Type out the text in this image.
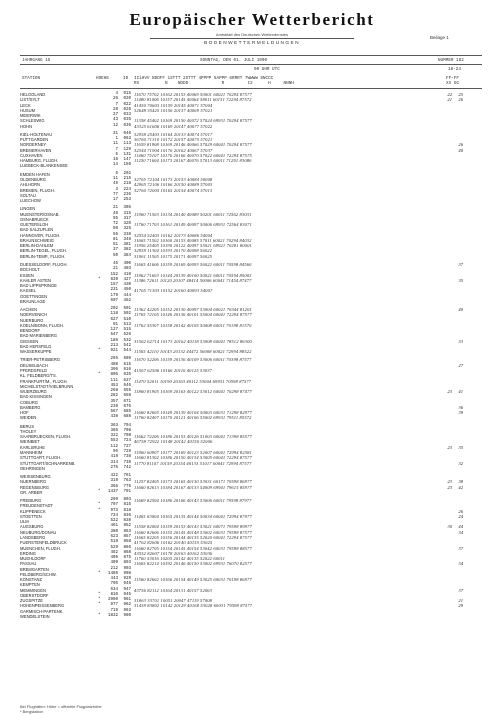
Europäischer Wetterbericht
Amtsblatt des Deutschen Wetterdienstes
Beilage 1
BODENWETTERMELDUNGEN
JAHRGANG 15	SONNTAG, DEN 01. JULI 1990	NUMMER 182
00 UHR UTC	18-24
STATION	HOEHE	ID IIiHVV NDDFF 1STTT 2STTT 4PPPP 5APPP 6RRRT 7WWWW 8NCCC
RX          N    NDDD             R         t2      H     NNNH
FF-FF
XX GG
HELGOLAND	4	015 11670 75702 10162 20153 40069 50001 60021 70294 87577	22	25
LIST/SYLT	26	020 11480 81006 10157 20145 40064 58011 60151 72294 87572	21	26
LECK	7	022 41450 70603 10159 20145 40071 57004
HUSUM	28	026 32648 35425 10156 20137 40069 57021
MEIERWIK	27	033
SCHLESWIG	43	035 11358 45402 10169 20150 40072 57024 69931 70294 87577
HOHN	12	036 43325 61606 10169 20147 40077 57022
KIEL-HOLTENAU	31	046 32958 25403 10164 20133 40074 57017
PUTTGARDEN	1	063 36760 71310 10172 20157 40075 57021
NORDERNEY	11	113 11659 81908 10169 20146 40066 57029 60041 70294 87577	26
BREMERHAVEN	7	129 32544 71904 10176 20162 40067 57037	40
CUXHAVEN	5	131 11460 75107 10176 20166 40070 57022 60041 72294 87575
HAMBURG, FLUGH.	16	147 11250 71604 10173 20167 40076 57013 60011 71291 83080
LUEBECK-BLANKENSEE	14	156
EMDEN HAFEN	5	202
OLDENBURG	11	215 32765 72104 10173 20153 40084 50008
AHLHORN	49	218 42965 72106 10166 20150 40089 57003
BREMEN, FLUGH.	3	224 32760 72005 10165 20154 40074 57013
SOLTAU	77	236
LUECHOW	17	253
LINGEN	21	305
MUENSTER/OSNAB.	48	315 11960 71503 10134 20140 40089 50201 60011 72562 83031
OSNABRUECK	95	317
GUETERSLOH	72	320 11760 71703 10161 20149 40097 50006 69931 72564 83071
BAD SALZUFLEN	98	325
HANNOVER, FLUGH.	56	338 32554 52403 10162 20173 40086 54004
BRAUNSCHWEIG	81	348 11665 71502 10160 20153 40085 57011 60021 70294 84032
BERLIN-DAHLEM	51	381 11956 25405 10190 20122 40097 55021 69921 70281 80001
BERLIN-TEGEL, FLUGH.	37	382 32959 11304 10193 20170 40098 56022
BERLIN-TEMP., FLUGH.	50	384 31961 11505 10175 20171 40097 56025
DUESSELDORF, FLUGH.	45	400 11665 41606 10159 20169 40093 56022 60011 70598 84560	37
BOCHOLT	21	403
ESSEN	152	410 11962 71603 10144 20139 40100 50021 60011 70594 85003
KAHLER ASTEN	*	839	427 11386 72611 10120 20107 48414 50006 60041 71454 87477	35
BAD LIPPSPRINGE	157	430
KASSEL	231	450 41765 71303 10152 20160 40093 54007
GOETTINGEN	179	444
BRAUNLAGE	607	452
AACHEN	202	501 11362 42205 10152 20130 40097 53004 60021 70344 81201	40
NOERVENICH	118	502 11765 72105 10146 20136 40101 55004 60041 72294 87577
NUERBURG	627	510
KOELN/BONN, FLUGH.	91	513 11762 55307 10158 20142 40105 50008 60011 70198 81570
BENDORF	127	515
BAD MARIENBERG	547	526
GIESSEN	186	532 31562 62714 10173 20162 40118 53008 60041 78512 86300	33
BAD HERSFELD	213	542
WASSERKUPPE	*	921	544 11565 42110 10143 20132 44472 56008 60021 72994 88522
TRIER-PETRISBERG	265	609 11670 52206 10159 20136 40109 53006 60011 70398 87577
DEUSELBACH	480	615	27
PFERDSFELD	396	616 41567 62506 10166 20116 40125 53037
KL. FELDBERG/TS.	*	805	635
FRANKFURT/M., FLUGH.	111	637 11470 52011 10190 20163 40112 53004 69931 70598 87577
MICHELSTADT/VIELBRUNN	453	646
WUERZBURG	268	655 11860 81905 10169 20163 40122 53012 60041 70298 87477	23	41
BAD KISSINGEN	282	658
COBURG	357	671
BAMBERG	239	675	36
HOF	567	685 11660 82605 10149 20139 40104 50003 60031 71298 82977	39
WEIDEN	438	688 11760 82407 10170 20121 40106 55002 69931 79511 85572
BERUS	363	704
THOLEY	386	708
SAARBRUECKEN, FLUGH.	322	708 11662 72206 10186 20153 40126 51003 60041 71398 85577
WEINBIET	553	724 46758 72922 10148 20142 40150 52006
KARLSRUHE	112	727	23	35
MANNHEIM	96	729 11960 60907 10177 20169 40123 52007 60041 72994 82581
STUTTGART, FLUGH.	419	738 11660 81302 10186 20150 40134 53005 60041 72294 87577
STUTTGART/SCHNARRENB.	314	739 11770 81107 10159 20154 40133 51017 60041 72994 87577	32
OEHRINGEN	276	742
WEISSENBURG	422	761
NUERNBERG	319	763 11257 82405 10173 20165 40130 53031 60171 70598 86977	23	38
REGENSBURG	366	776 11660 82613 10184 20167 40133 54009 69941 79615 85977	23	42
GR. ARBER	*	1437	791
FREIBURG	269	803 11669 82504 10186 20166 40143 53006 60011 79598 87977
FREUDENSTADT	*	797	815
KLIPPENECK	*	973	818	26
STOETTEN	734	836 11465 63004 10165 20135 40144 50034 60041 72994 87977	24
ULM	522	838
AUGSBURG	461	852 11558 82004 10159 20153 40143 53021 60071 79598 89977	30	44
NEUBURG/DONAU	380	853 11660 82606 10155 20145 40148 53002 60031 79598 87577	34
LANDSBERG	623	857 11665 82205 10156 20144 40135 52020 60041 72294 87577
FUERSTENFELDBRUCK	519	858 41762 82606 10162 20140 40155 53025
MUENCHEN, FLUGH.	529	866 11660 82705 10154 20145 40154 53042 60031 79598 88577	37
ERDING	462	868 43552 82607 10178 20163 40162 53036
MUEHLDORF	405	875 11760 53016 10205 20142 40135 52022 60011
PASSAU	409	893 11665 82214 10192 20146 40150 53002 69931 76070 82577	34
BREMGARTEN	212	903
FELDBERG/SCHW.	*	1486	908
KONSTANZ	443	929 11560 82602 10166 20154 40149 53025 60031 70198 86977
KEMPTEN	705	946
MEMMINGEN	634	947 43756 82112 10164 20131 40157 52063	37
OBERSTDORF	*	810	945
ZUGSPITZE	*	2960	961 31863 33701 10051 20047 47119 57008	21
HOHENPEISSENBERG	*	977	962 31459 83802 10142 20129 40168 53028 60031 79598 87577	29
GARMISCH-PARTENK.	719	963
WENDELSTEIN	*	1832	980
Bei Flughäfen: Höhe = offizielle Flugplatzhöhe
* Bergstation
